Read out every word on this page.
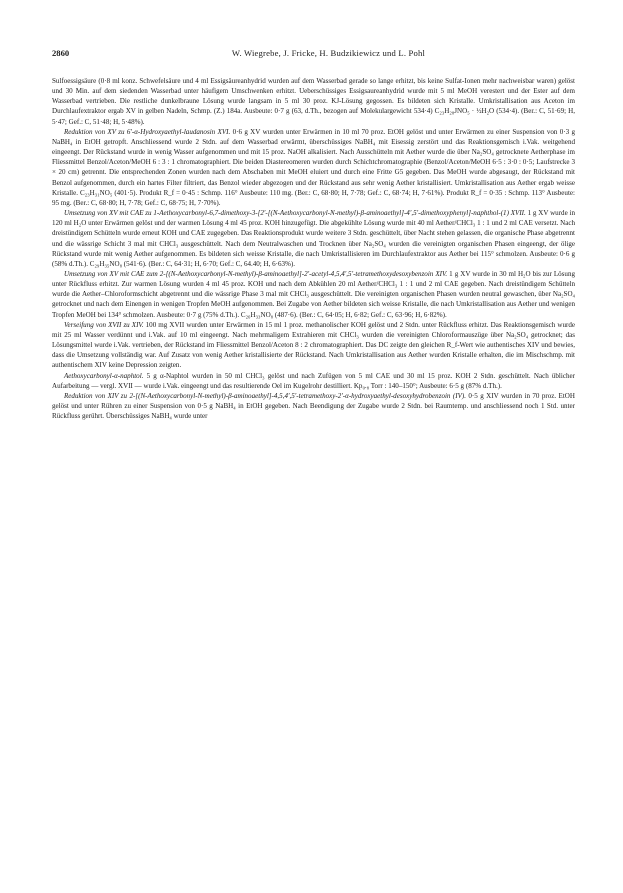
2860	W. Wiegrebe, J. Fricke, H. Budzikiewicz und L. Pohl

Sulfoessigsäure (0·8 ml konz. Schwefelsäure und 4 ml Essigsäureanhydrid wurden auf dem Wasserbad gerade so lange erhitzt, bis keine Sulfat-Ionen mehr nachweisbar waren) gelöst und 30 Min. auf dem siedenden Wasserbad unter häufigem Umschwenken erhitzt. Ueberschüssiges Essigsaureanhydrid wurde mit 5 ml MeOH verestert und der Ester auf dem Wasserbad vertrieben. Die restliche dunkelbraune Lösung wurde langsam in 5 ml 30 proz. KJ-Lösung gegossen. Es bildeten sich Kristalle. Umkristallisation aus Aceton im Durchlaufextraktor ergab XV in gelben Nadeln, Schmp. (Z.) 184a. Ausbeute: 0·7 g (63, d.Th., bezogen auf Molekulargewicht 534·4) C₂₃H₂₈JNO₅ · ½H₂O (534·4). (Ber.: C, 51·69; H, 5·47; Gef.: C, 51·48; H, 5·48%).

Reduktion von XV zu 6'-α-Hydroxyaethyl-laudanosin XVI. 0·6 g XV wurden unter Erwärmen in 10 ml 70 proz. EtOH gelöst und unter Erwärmen zu einer Suspension von 0·3 g NaBH₄ in EtOH getropft. Anschliessend wurde 2 Stdn. auf dem Wasserbad erwärmt, überschüssiges NaBH₄ mit Eisessig zerstört und das Reaktionsgemisch i.Vak. weitgehend eingeengt. Der Rückstand wurde in wenig Wasser aufgenommen und mit 15 proz. NaOH alkalisiert. Nach Ausschütteln mit Aether wurde die über Na₂SO₄ getrocknete Aetherphase im Fliessmittel Benzol/Aceton/MeOH 6 : 3 : 1 chromatographiert. Die beiden Diastereomeren wurden durch Schichtchromatographie (Benzol/Aceton/MeOH 6·5 : 3·0 : 0·5; Laufstrecke 3 × 20 cm) getrennt. Die entsprechenden Zonen wurden nach dem Abschaben mit MeOH eluiert und durch eine Fritte G5 gegeben. Das MeOH wurde abgesaugt, der Rückstand mit Benzol aufgenommen, durch ein hartes Filter filtriert, das Benzol wieder abgezogen und der Rückstand aus sehr wenig Aether kristallisiert. Umkristallisation aus Aether ergab weisse Kristalle. C₂₃H₃₁NO₅ (401·5). Produkt R_f = 0·45 : Schmp. 116° Ausbeute: 110 mg. (Ber.: C, 68·80; H, 7·78; Gef.: C, 68·74; H, 7·61%). Produkt R_f = 0·35 : Schmp. 113° Ausbeute: 95 mg. (Ber.: C, 68·80; H, 7·78; Gef.: C, 68·75; H, 7·70%).

Umsetzung von XV mit CAE zu 1-Aethoxycarbonyl-6,7-dimethoxy-3-[2'-[(N-Aethoxycarbonyl-N-methyl)-β-aminoaethyl]-4',5'-dimethoxyphenyl]-naphthol-(1) XVII. 1 g XV wurde in 120 ml H₂O unter Erwärmen gelöst und der warmen Lösung 4 ml 45 proz. KOH hinzugefügt. Die abgekühlte Lösung wurde mit 40 ml Aether/CHCl₃ 1 : 1 und 2 ml CAE versetzt. Nach dreistündigem Schütteln wurde erneut KOH und CAE zugegeben. Das Reaktionsprodukt wurde weitere 3 Stdn. geschüttelt, über Nacht stehen gelassen, die organische Phase abgetrennt und die wässrige Schicht 3 mal mit CHCl₃ ausgeschüttelt. Nach dem Neutralwaschen und Trocknen über Na₂SO₄ wurden die vereinigten organischen Phasen eingeengt, der ölige Rückstand wurde mit wenig Aether aufgenommen. Es bildeten sich weisse Kristalle, die nach Umkristallisieren im Durchlaufextraktor aus Aether bei 115° schmolzen. Ausbeute: 0·6 g (58% d.Th.). C₂₉H₃₅NO₈ (541·6). (Ber.: C, 64·31; H, 6·70; Gef.: C, 64.40; H, 6·63%).

Umsetzung von XV mit CAE zum 2-[(N-Aethoxycarbonyl-N-methyl)-β-aminoaethyl]-2'-acetyl-4,5,4',5'-tetramethoxydesoxybenzoin XIV. 1 g XV wurde in 30 ml H₂O bis zur Lösung unter Rückfluss erhitzt. Zur warmen Lösung wurden 4 ml 45 proz. KOH und nach dem Abkühlen 20 ml Aether/CHCl₃ 1 : 1 und 2 ml CAE gegeben. Nach dreistündigem Schütteln wurde die Aether–Chloroformschicht abgetrennt und die wässrige Phase 3 mal mit CHCl₃ ausgeschüttelt. Die vereinigten organischen Phasen wurden neutral gewaschen, über Na₂SO₄ getrocknet und nach dem Einengen in wenigen Tropfen MeOH aufgenommen. Bei Zugabe von Aether bildeten sich weisse Kristalle, die nach Umkristallisation aus Aether und wenigen Tropfen MeOH bei 134° schmolzen. Ausbeute: 0·7 g (75% d.Th.). C₂₆H₃₃NO₈ (487·6). (Ber.: C, 64·05; H, 6·82; Gef.: C, 63·96; H, 6·82%).

Verseifung von XVII zu XIV. 100 mg XVII wurden unter Erwärmen in 15 ml 1 proz. methanolischer KOH gelöst und 2 Stdn. unter Rückfluss erhitzt. Das Reaktionsgemisch wurde mit 25 ml Wasser verdünnt und i.Vak. auf 10 ml eingeengt. Nach mehrmaligem Extrahieren mit CHCl₃ wurden die vereinigten Chloroformauszüge über Na₂SO₄ getrocknet; das Lösungsmittel wurde i.Vak. vertrieben, der Rückstand im Fliessmittel Benzol/Aceton 8 : 2 chromatographiert. Das DC zeigte den gleichen R_f-Wert wie authentisches XIV und bewies, dass die Umsetzung vollständig war. Auf Zusatz von wenig Aether kristallisierte der Rückstand. Nach Umkristallisation aus Aether wurden Kristalle erhalten, die im Mischschmp. mit authentischem XIV keine Depression zeigten.

Aethoxycarbonyl-α-naphtol. 5 g α-Naphtol wurden in 50 ml CHCl₃ gelöst und nach Zufügen von 5 ml CAE und 30 ml 15 proz. KOH 2 Stdn. geschüttelt. Nach üblicher Aufarbeitung — vergl. XVII — wurde i.Vak. eingeengt und das resultierende Oel im Kugelrohr destilliert. Kp₀.₈ Torr : 140–150°; Ausbeute: 6·5 g (87% d.Th.).

Reduktion von XIV zu 2-[(N-Aethoxycarbonyl-N-methyl)-β-aminoaethyl]-4,5,4',5'-tetramethoxy-2'-α-hydroxyaethyl-desoxyhydrobenzoin (IV). 0·5 g XIV wurden in 70 proz. EtOH gelöst und unter Rühren zu einer Suspension von 0·5 g NaBH₄ in EtOH gegeben. Nach Beendigung der Zugabe wurde 2 Stdn. bei Raumtemp. und anschliessend noch 1 Std. unter Rückfluss gerührt. Überschüssiges NaBH₄ wurde unter
